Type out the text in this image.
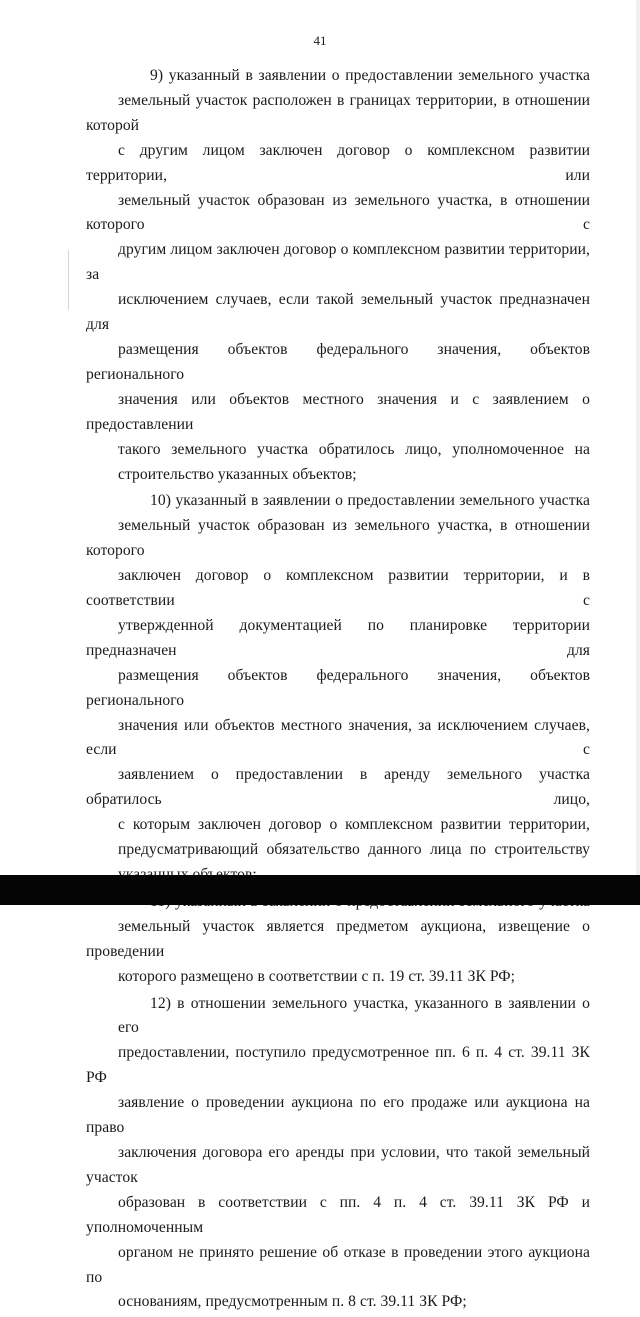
41
9) указанный в заявлении о предоставлении земельного участка
земельный участок расположен в границах территории, в отношении которой
с другим лицом заключен договор о комплексном развитии территории, или
земельный участок образован из земельного участка, в отношении которого с
другим лицом заключен договор о комплексном развитии территории, за
исключением случаев, если такой земельный участок предназначен для
размещения объектов федерального значения, объектов регионального
значения или объектов местного значения и с заявлением о предоставлении
такого земельного участка обратилось лицо, уполномоченное на
строительство указанных объектов;
10) указанный в заявлении о предоставлении земельного участка
земельный участок образован из земельного участка, в отношении которого
заключен договор о комплексном развитии территории, и в соответствии с
утвержденной документацией по планировке территории предназначен для
размещения объектов федерального значения, объектов регионального
значения или объектов местного значения, за исключением случаев, если с
заявлением о предоставлении в аренду земельного участка обратилось лицо,
с которым заключен договор о комплексном развитии территории,
предусматривающий обязательство данного лица по строительству
земельный участок является предметом аукциона, извещение о проведении
которого размещено в соответствии с п. 19 ст. 39.11 ЗК РФ;
12) в отношении земельного участка, указанного в заявлении о его
предоставлении, поступило предусмотренное пп. 6 п. 4 ст. 39.11 ЗК РФ
заявление о проведении аукциона по его продаже или аукциона на право
заключения договора его аренды при условии, что такой земельный участок
образован в соответствии с пп. 4 п. 4 ст. 39.11 ЗК РФ и уполномоченным
органом не принято решение об отказе в проведении этого аукциона по
основаниям, предусмотренным п. 8 ст. 39.11 ЗК РФ;
